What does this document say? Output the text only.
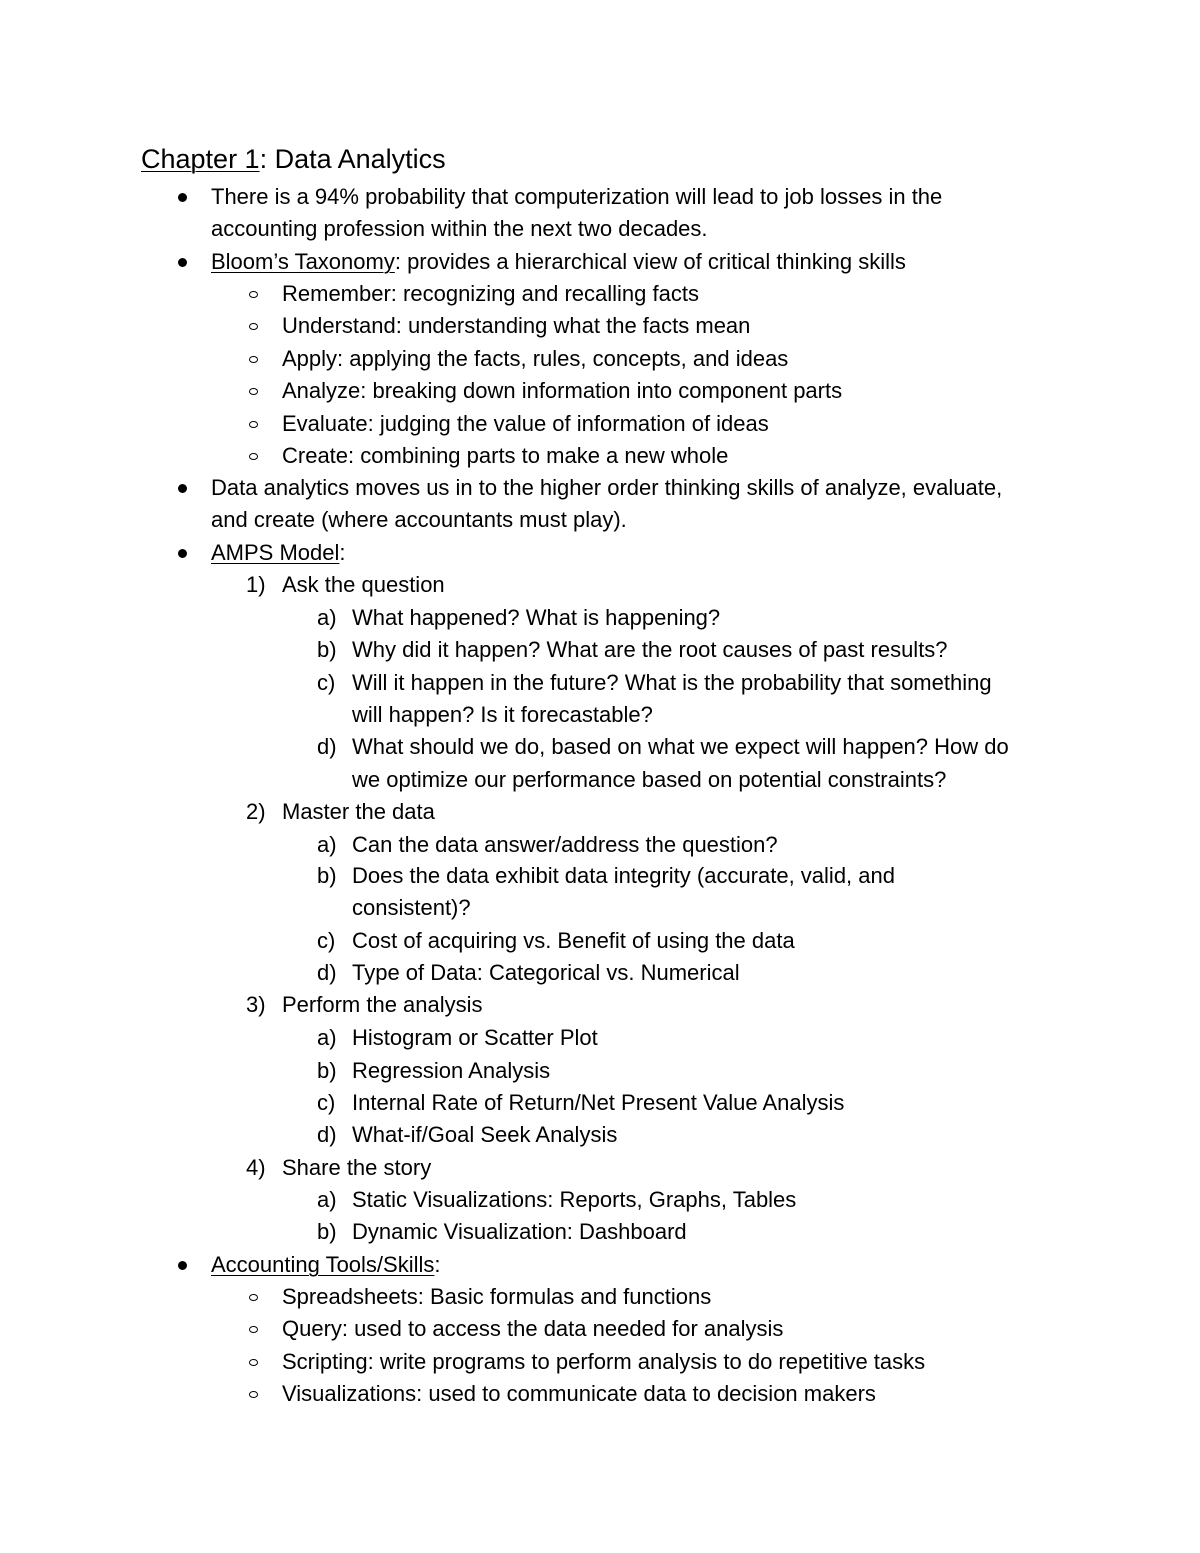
Chapter 1: Data Analytics
There is a 94% probability that computerization will lead to job losses in the
accounting profession within the next two decades.
Bloom’s Taxonomy: provides a hierarchical view of critical thinking skills
Remember: recognizing and recalling facts
Understand: understanding what the facts mean
Apply: applying the facts, rules, concepts, and ideas
Analyze: breaking down information into component parts
Evaluate: judging the value of information of ideas
Create: combining parts to make a new whole
Data analytics moves us in to the higher order thinking skills of analyze, evaluate,
and create (where accountants must play).
AMPS Model:
1) Ask the question
a) What happened? What is happening?
b) Why did it happen? What are the root causes of past results?
c) Will it happen in the future? What is the probability that something
will happen? Is it forecastable?
d) What should we do, based on what we expect will happen? How do
we optimize our performance based on potential constraints?
2) Master the data
a) Can the data answer/address the question?
b) Does the data exhibit data integrity (accurate, valid, and
consistent)?
c) Cost of acquiring vs. Benefit of using the data
d) Type of Data: Categorical vs. Numerical
3) Perform the analysis
a) Histogram or Scatter Plot
b) Regression Analysis
c) Internal Rate of Return/Net Present Value Analysis
d) What-if/Goal Seek Analysis
4) Share the story
a) Static Visualizations: Reports, Graphs, Tables
b) Dynamic Visualization: Dashboard
Accounting Tools/Skills:
Spreadsheets: Basic formulas and functions
Query: used to access the data needed for analysis
Scripting: write programs to perform analysis to do repetitive tasks
Visualizations: used to communicate data to decision makers
